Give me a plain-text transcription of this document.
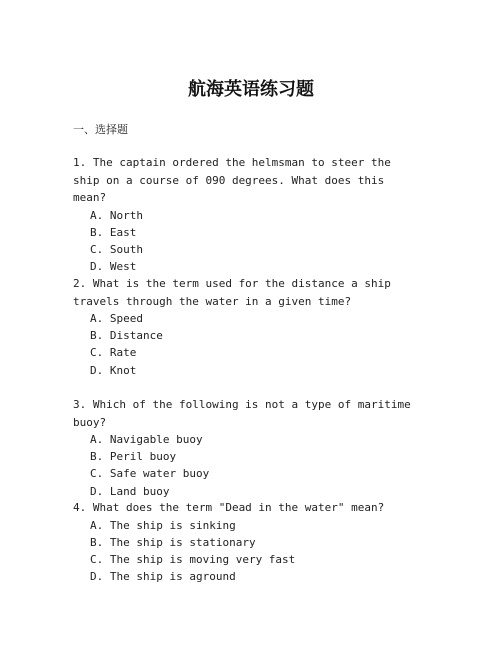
航海英语练习题
一、选择题

1. The captain ordered the helmsman to steer the ship on a course of 090 degrees. What does this mean?

A. North
B. East
C. South
D. West

2. What is the term used for the distance a ship travels through the water in a given time?

A. Speed
B. Distance
C. Rate
D. Knot

3. Which of the following is not a type of maritime buoy?

A. Navigable buoy
B. Peril buoy
C. Safe water buoy
D. Land buoy

4. What does the term "Dead in the water" mean?

A. The ship is sinking
B. The ship is stationary
C. The ship is moving very fast
D. The ship is aground
